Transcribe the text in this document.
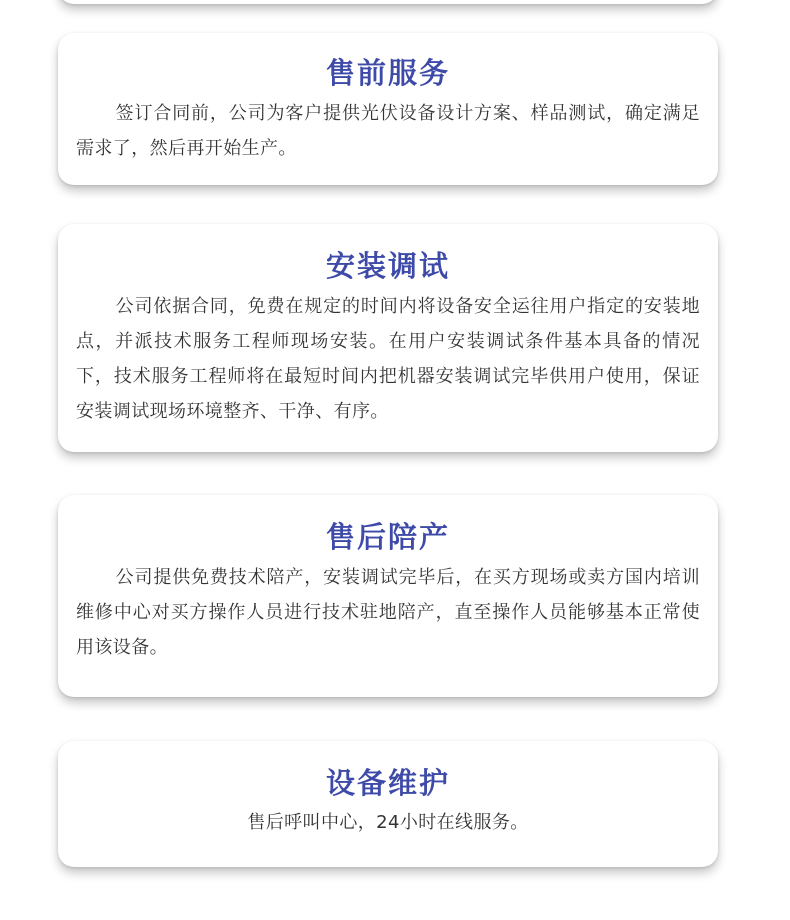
售前服务

签订合同前，公司为客户提供光伏设备设计方案、样品测试，确定满足需求了，然后再开始生产。

安装调试

公司依据合同，免费在规定的时间内将设备安全运往用户指定的安装地点，并派技术服务工程师现场安装。在用户安装调试条件基本具备的情况下，技术服务工程师将在最短时间内把机器安装调试完毕供用户使用，保证安装调试现场环境整齐、干净、有序。

售后陪产

公司提供免费技术陪产，安装调试完毕后，在买方现场或卖方国内培训维修中心对买方操作人员进行技术驻地陪产，直至操作人员能够基本正常使用该设备。

设备维护

售后呼叫中心，24小时在线服务。
